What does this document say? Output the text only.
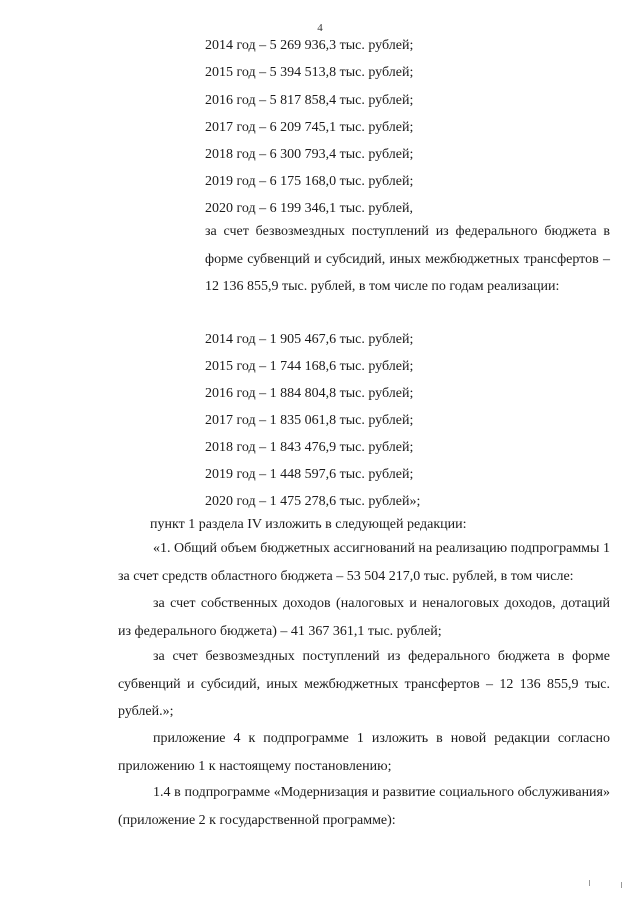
4
2014 год – 5 269 936,3 тыс. рублей;
2015 год – 5 394 513,8 тыс. рублей;
2016 год – 5 817 858,4 тыс. рублей;
2017 год – 6 209 745,1 тыс. рублей;
2018 год – 6 300 793,4 тыс. рублей;
2019 год – 6 175 168,0 тыс. рублей;
2020 год – 6 199 346,1 тыс. рублей,
за счет безвозмездных поступлений из федерального бюджета в форме субвенций и субсидий, иных межбюджетных трансфертов – 12 136 855,9 тыс. рублей, в том числе по годам реализации:
2014 год – 1 905 467,6 тыс. рублей;
2015 год – 1 744 168,6 тыс. рублей;
2016 год – 1 884 804,8 тыс. рублей;
2017 год – 1 835 061,8 тыс. рублей;
2018 год – 1 843 476,9 тыс. рублей;
2019 год – 1 448 597,6 тыс. рублей;
2020 год – 1 475 278,6 тыс. рублей»;
пункт 1 раздела IV изложить в следующей редакции:
«1. Общий объем бюджетных ассигнований на реализацию подпрограммы 1 за счет средств областного бюджета – 53 504 217,0 тыс. рублей, в том числе:
за счет собственных доходов (налоговых и неналоговых доходов, дотаций из федерального бюджета) – 41 367 361,1 тыс. рублей;
за счет безвозмездных поступлений из федерального бюджета в форме субвенций и субсидий, иных межбюджетных трансфертов – 12 136 855,9 тыс. рублей.»;
приложение 4 к подпрограмме 1 изложить в новой редакции согласно приложению 1 к настоящему постановлению;
1.4 в подпрограмме «Модернизация и развитие социального обслуживания» (приложение 2 к государственной программе):
